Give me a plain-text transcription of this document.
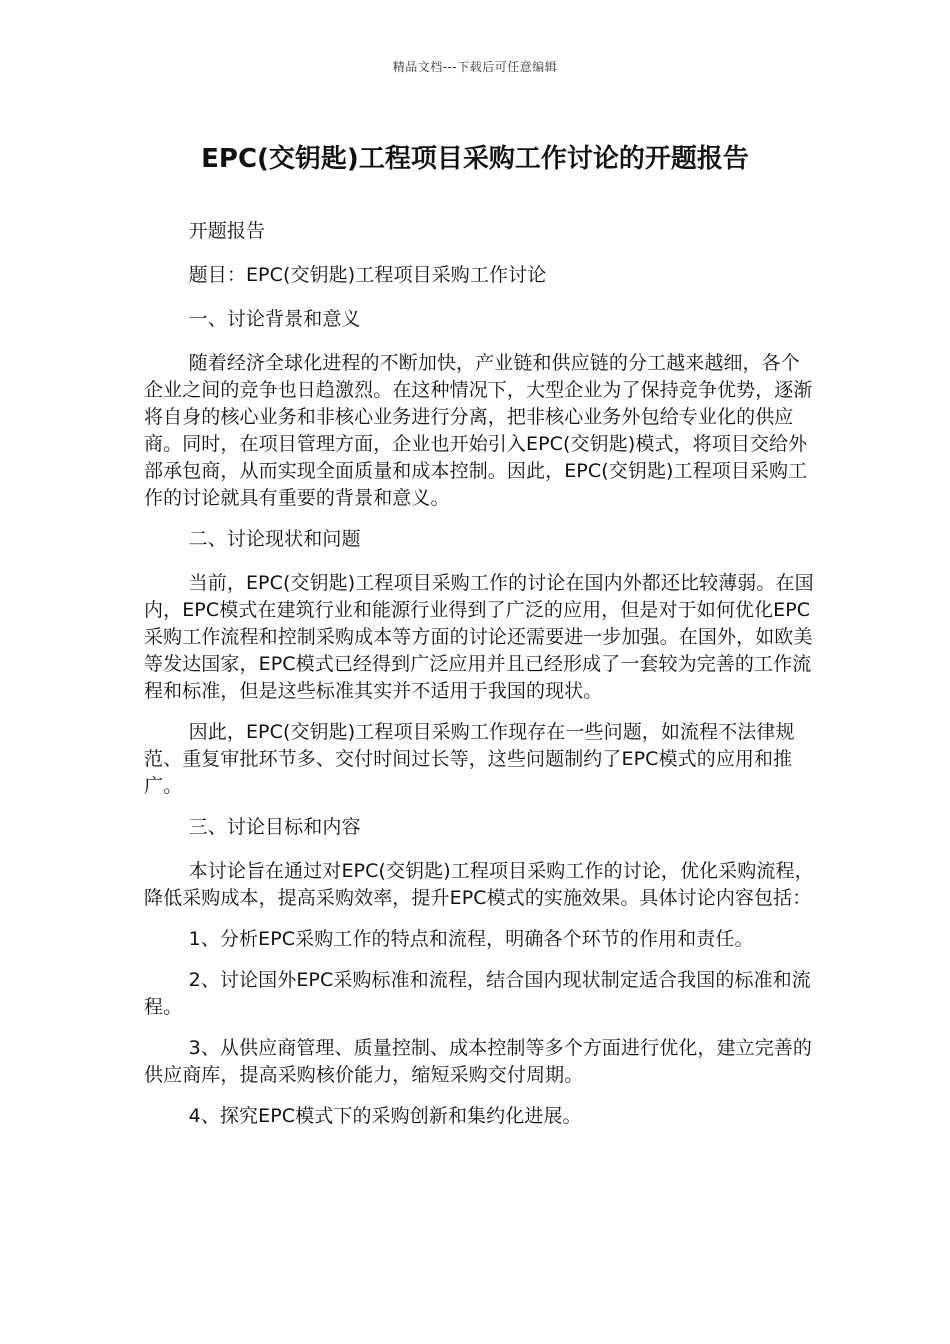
精品文档---下载后可任意编辑
EPC(交钥匙)工程项目采购工作讨论的开题报告

开题报告

题目：EPC(交钥匙)工程项目采购工作讨论

一、讨论背景和意义

随着经济全球化进程的不断加快，产业链和供应链的分工越来越细，各个企业之间的竞争也日趋激烈。在这种情况下，大型企业为了保持竞争优势，逐渐将自身的核心业务和非核心业务进行分离，把非核心业务外包给专业化的供应商。同时，在项目管理方面，企业也开始引入EPC(交钥匙)模式，将项目交给外部承包商，从而实现全面质量和成本控制。因此，EPC(交钥匙)工程项目采购工作的讨论就具有重要的背景和意义。

二、讨论现状和问题

当前，EPC(交钥匙)工程项目采购工作的讨论在国内外都还比较薄弱。在国内，EPC模式在建筑行业和能源行业得到了广泛的应用，但是对于如何优化EPC采购工作流程和控制采购成本等方面的讨论还需要进一步加强。在国外，如欧美等发达国家，EPC模式已经得到广泛应用并且已经形成了一套较为完善的工作流程和标准，但是这些标准其实并不适用于我国的现状。

因此，EPC(交钥匙)工程项目采购工作现存在一些问题，如流程不法律规范、重复审批环节多、交付时间过长等，这些问题制约了EPC模式的应用和推广。

三、讨论目标和内容

本讨论旨在通过对EPC(交钥匙)工程项目采购工作的讨论，优化采购流程，降低采购成本，提高采购效率，提升EPC模式的实施效果。具体讨论内容包括：

1、分析EPC采购工作的特点和流程，明确各个环节的作用和责任。

2、讨论国外EPC采购标准和流程，结合国内现状制定适合我国的标准和流程。

3、从供应商管理、质量控制、成本控制等多个方面进行优化，建立完善的供应商库，提高采购核价能力，缩短采购交付周期。

4、探究EPC模式下的采购创新和集约化进展。
